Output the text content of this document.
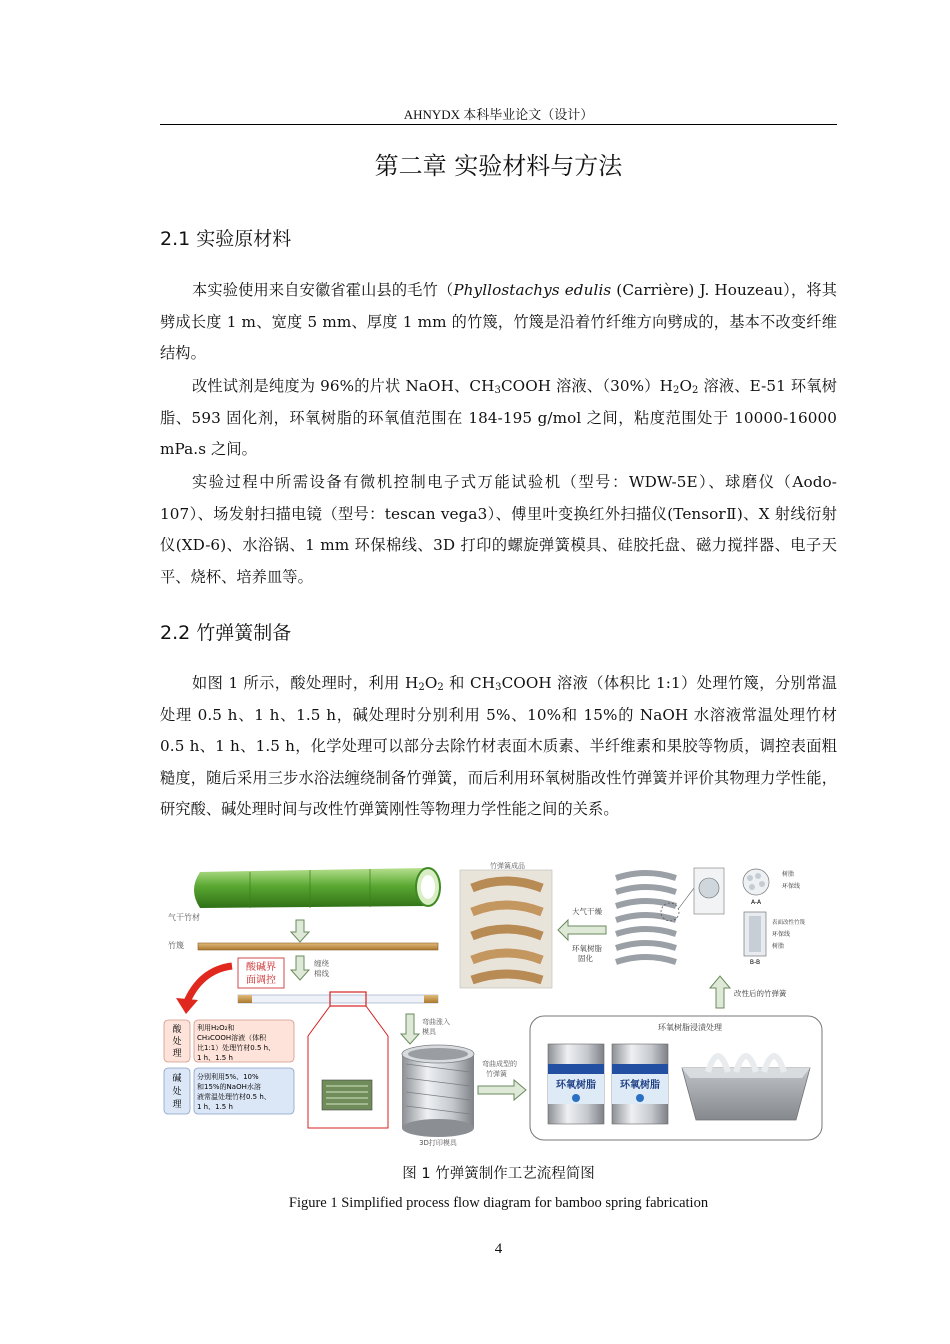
AHNYDX 本科毕业论文（设计）
第二章 实验材料与方法
2.1 实验原材料

本实验使用来自安徽省霍山县的毛竹（Phyllostachys edulis (Carrière) J. Houzeau），将其劈成长度 1 m、宽度 5 mm、厚度 1 mm 的竹篾，竹篾是沿着竹纤维方向劈成的，基本不改变纤维结构。

改性试剂是纯度为 96%的片状 NaOH、$CH_3COOH$ 溶液、$(30\%)H_2O_2$ 溶液、E-51 环氧树脂、593 固化剂，环氧树脂的环氧值范围在 184-195 g/mol 之间，粘度范围处于 10000-16000 mPa.s 之间。

实验过程中所需设备有微机控制电子式万能试验机（型号：WDW-5E）、球磨仪（Aodo-107）、场发射扫描电镜（型号：tescan vega3）、傅里叶变换红外扫描仪(TensorⅡ)、X 射线衍射仪(XD-6)、水浴锅、1 mm 环保棉线、3D 打印的螺旋弹簧模具、硅胶托盘、磁力搅拌器、电子天平、烧杯、培养皿等。

2.2 竹弹簧制备

如图 1 所示，酸处理时，利用 $H_2O_2$ 和 $CH_3COOH$ 溶液（体积比 1:1）处理竹篾，分别常温处理 0.5 h、1 h、1.5 h，碱处理时分别利用 5%、10%和 15%的 NaOH 水溶液常温处理竹材 0.5 h、1 h、1.5 h，化学处理可以部分去除竹材表面木质素、半纤维素和果胶等物质，调控表面粗糙度，随后采用三步水浴法缠绕制备竹弹簧，而后利用环氧树脂改性竹弹簧并评价其物理力学性能，研究酸、碱处理时间与改性竹弹簧刚性等物理力学性能之间的关系。

气干竹材
竹篾
酸碱界
面调控
缠绕
棉线
酸
处
理
利用H₂O₂和
CH₃COOH溶液（体积
比1:1）处理竹材0.5 h、
1 h、1.5 h
碱
处
理
分别利用5%、10%
和15%的NaOH水溶
液常温处理竹材0.5 h、
1 h、1.5 h
弯曲涨入
模具
3D打印模具
弯曲成型的
竹弹簧
环氧树脂浸渍处理
环氧树脂 环氧树脂
改性后的竹弹簧
竹弹簧成品
大气干燥
环氧树脂
固化
A-A
树脂
环保线
B-B
表面改性竹篾
环保线
树脂
图 1 竹弹簧制作工艺流程简图
Figure 1 Simplified process flow diagram for bamboo spring fabrication
4
